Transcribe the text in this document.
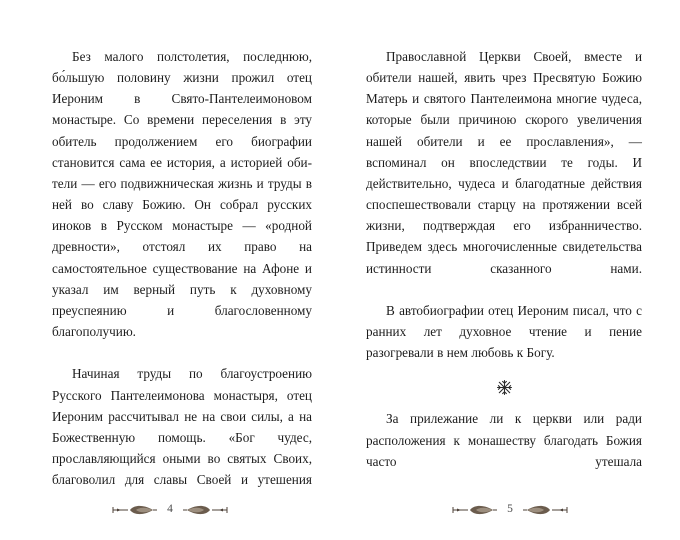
Без малого полстолетия, последнюю, бо́льшую половину жизни прожил отец Иероним в Свято-Пантелеимоновом монастыре. Со времени переселения в эту обитель продолжением его биографии становится сама ее история, а историей обители — его подвижническая жизнь и труды в ней во славу Божию. Он собрал русских иноков в Русском монастыре — «родной древности», отстоял их право на самостоятельное существование на Афоне и указал им верный путь к духовному преуспеянию и благословенному благополучию.

Начиная труды по благоустроению Русского Пантелеимонова монастыря, отец Иероним рассчитывал не на свои силы, а на Божественную помощь. «Бог чудес, прославляющийся оными во святых Своих, благоволил для славы Своей и утешения

4

Православной Церкви Своей, вместе и обители нашей, явить чрез Пресвятую Божию Матерь и святого Пантелеимона многие чудеса, которые были причиною скорого увеличения нашей обители и ее прославления», — вспоминал он впоследствии те годы. И действительно, чудеса и благодатные действия споспешествовали старцу на протяжении всей жизни, подтверждая его избранничество. Приведем здесь многочисленные свидетельства истинности сказанного нами.

В автобиографии отец Иероним писал, что с ранних лет духовное чтение и пение разогревали в нем любовь к Богу.

За прилежание ли к церкви или ради расположения к монашеству благодать Божия часто утешала

5
